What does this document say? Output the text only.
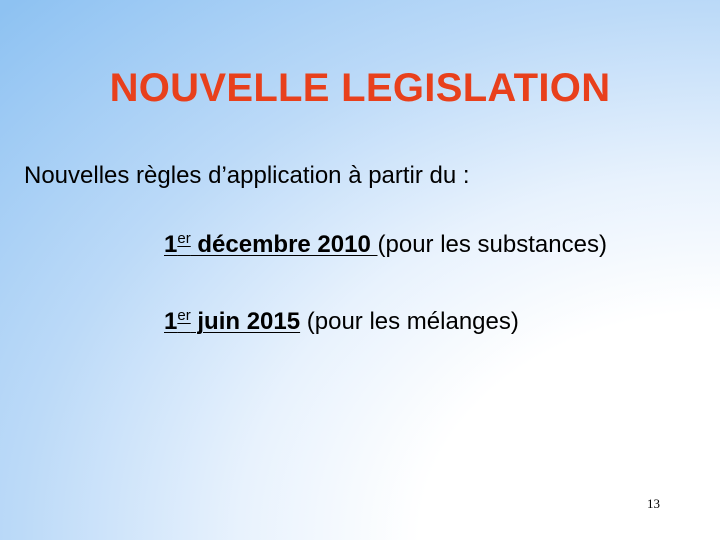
NOUVELLE LEGISLATION
Nouvelles règles d’application à partir du :
1er décembre 2010 (pour les substances)
1er juin 2015 (pour les mélanges)
13
